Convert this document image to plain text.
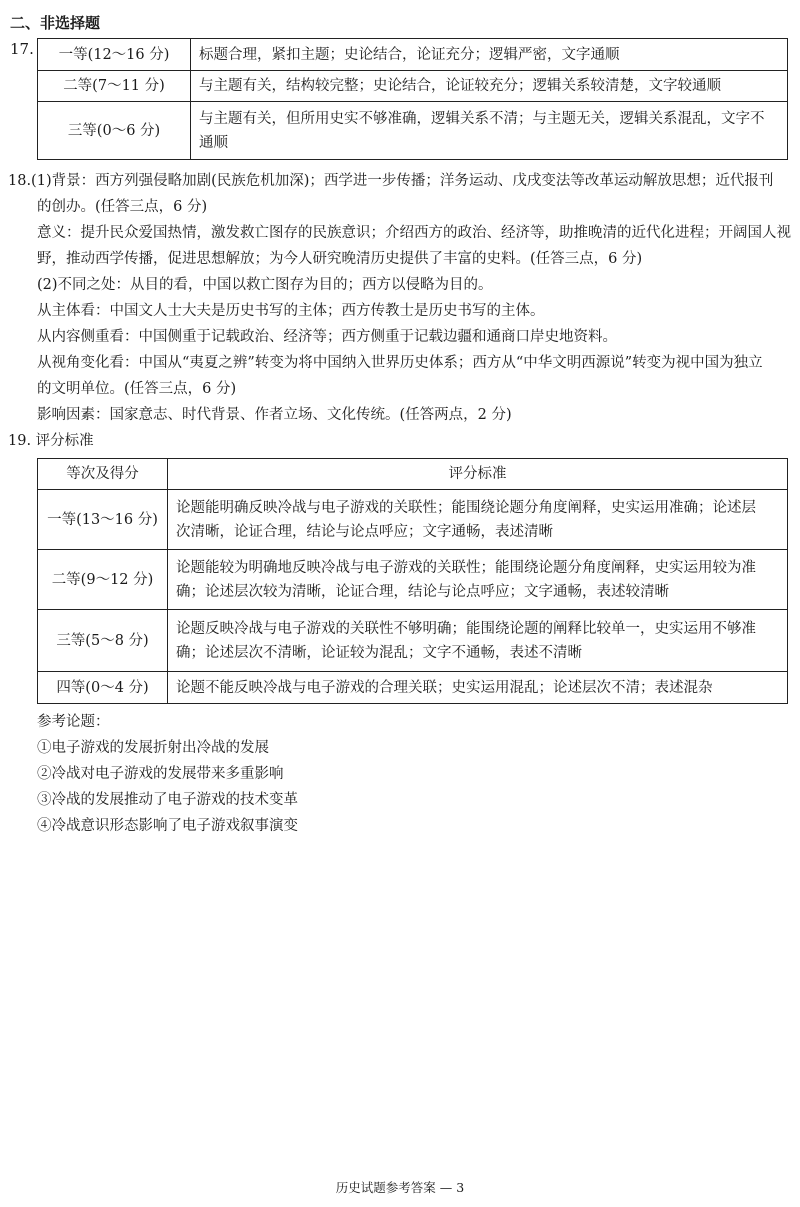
二、非选择题
17. 一等(12～16 分)	标题合理，紧扣主题；史论结合，论证充分；逻辑严密，文字通顺
二等(7～11 分)	与主题有关，结构较完整；史论结合，论证较充分；逻辑关系较清楚，文字较通顺
三等(0～6 分)	与主题有关，但所用史实不够准确，逻辑关系不清；与主题无关，逻辑关系混乱，文字不
通顺
18.(1)背景：西方列强侵略加剧(民族危机加深)；西学进一步传播；洋务运动、戊戌变法等改革运动解放思想；近代报刊
的创办。(任答三点，6 分)
意义：提升民众爱国热情，激发救亡图存的民族意识；介绍西方的政治、经济等，助推晚清的近代化进程；开阔国人视
野，推动西学传播，促进思想解放；为今人研究晚清历史提供了丰富的史料。(任答三点，6 分)
(2)不同之处：从目的看，中国以救亡图存为目的；西方以侵略为目的。
从主体看：中国文人士大夫是历史书写的主体；西方传教士是历史书写的主体。
从内容侧重看：中国侧重于记载政治、经济等；西方侧重于记载边疆和通商口岸史地资料。
从视角变化看：中国从“夷夏之辨”转变为将中国纳入世界历史体系；西方从“中华文明西源说”转变为视中国为独立
的文明单位。(任答三点，6 分)
影响因素：国家意志、时代背景、作者立场、文化传统。(任答两点，2 分)
19. 评分标准
等次及得分	评分标准
一等(13～16 分)	论题能明确反映冷战与电子游戏的关联性；能围绕论题分角度阐释，史实运用准确；论述层
次清晰，论证合理，结论与论点呼应；文字通畅，表述清晰

二等(9～12 分)	论题能较为明确地反映冷战与电子游戏的关联性；能围绕论题分角度阐释，史实运用较为准
确；论述层次较为清晰，论证合理，结论与论点呼应；文字通畅，表述较清晰

三等(5～8 分)	论题反映冷战与电子游戏的关联性不够明确；能围绕论题的阐释比较单一，史实运用不够准
确；论述层次不清晰，论证较为混乱；文字不通畅，表述不清晰

四等(0～4 分)	论题不能反映冷战与电子游戏的合理关联；史实运用混乱；论述层次不清；表述混杂
参考论题：
①电子游戏的发展折射出冷战的发展
②冷战对电子游戏的发展带来多重影响
③冷战的发展推动了电子游戏的技术变革
④冷战意识形态影响了电子游戏叙事演变
历史试题参考答案 — 3
